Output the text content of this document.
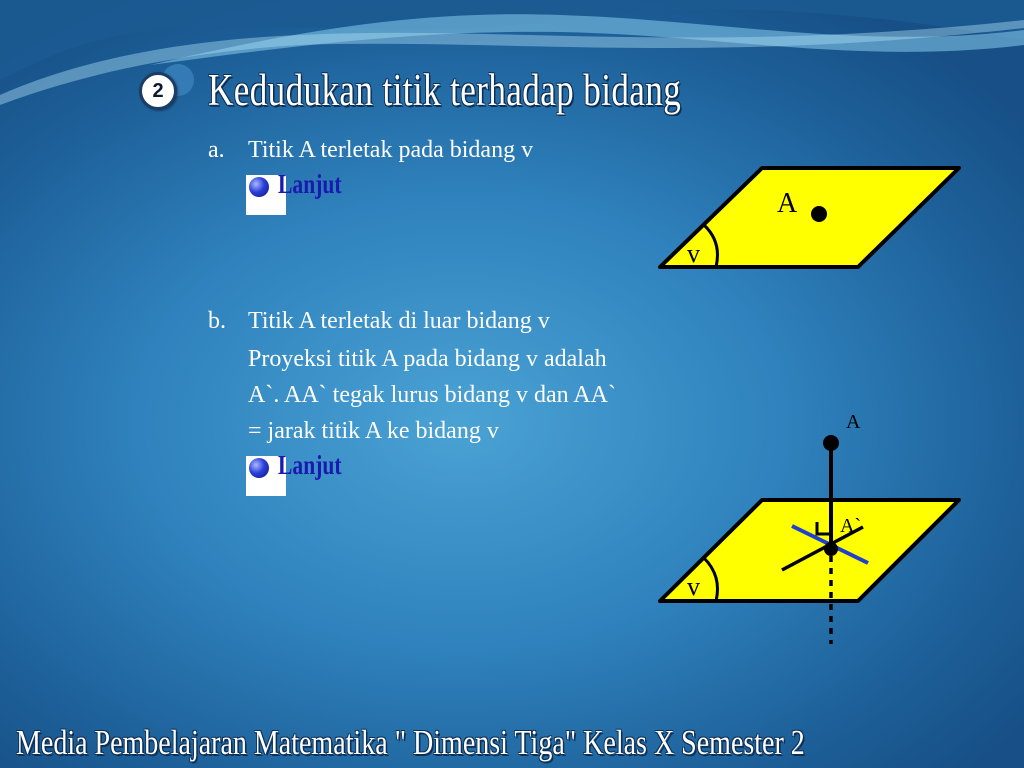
2 Kedudukan titik terhadap bidang
a. Titik A terletak pada bidang v
Lanjut
b. Titik A terletak di luar bidang v
Proyeksi titik A pada bidang v adalah
A`. AA` tegak lurus bidang v dan AA`
= jarak titik A ke bidang v
Lanjut
v
A
v
A
A`
Media Pembelajaran Matematika " Dimensi Tiga" Kelas X Semester 2
